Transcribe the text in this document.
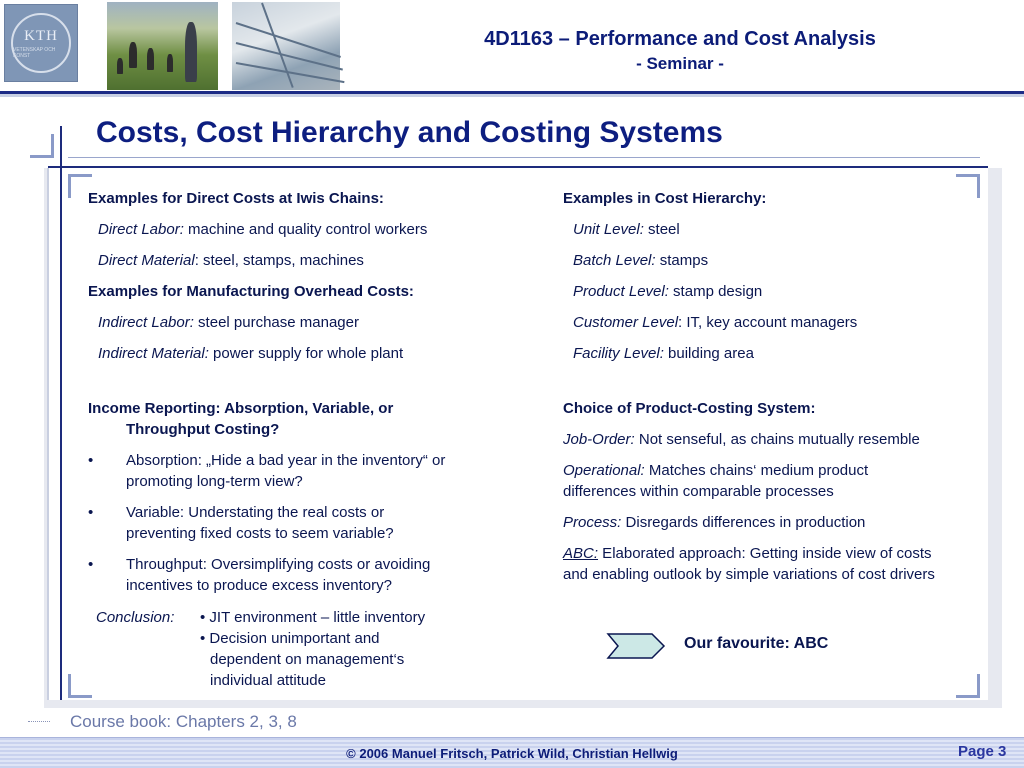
KTH
VETENSKAP OCH KONST
4D1163 – Performance and Cost Analysis
- Seminar -
Costs, Cost Hierarchy and Costing Systems
Examples for Direct Costs at Iwis Chains:
Direct Labor: machine and quality control workers
Direct Material: steel, stamps, machines
Examples for Manufacturing Overhead Costs:
Indirect Labor: steel purchase manager
Indirect Material: power supply for whole plant
Income Reporting: Absorption, Variable, or
Throughput Costing?
• Absorption: „Hide a bad year in the inventory“ or
promoting long-term view?
• Variable: Understating the real costs or
preventing fixed costs to seem variable?
• Throughput: Oversimplifying costs or avoiding
incentives to produce excess inventory?
Conclusion: • JIT environment – little inventory
• Decision unimportant and dependent on management‘s individual attitude
Examples in Cost Hierarchy:
Unit Level: steel
Batch Level: stamps
Product Level: stamp design
Customer Level: IT, key account managers
Facility Level: building area
Choice of Product-Costing System:
Job-Order: Not senseful, as chains mutually resemble
Operational: Matches chains‘ medium product differences within comparable processes
Process: Disregards differences in production
ABC: Elaborated approach: Getting inside view of costs and enabling outlook by simple variations of cost drivers
Our favourite: ABC
Course book: Chapters 2, 3, 8
© 2006 Manuel Fritsch, Patrick Wild, Christian Hellwig	Page 3
